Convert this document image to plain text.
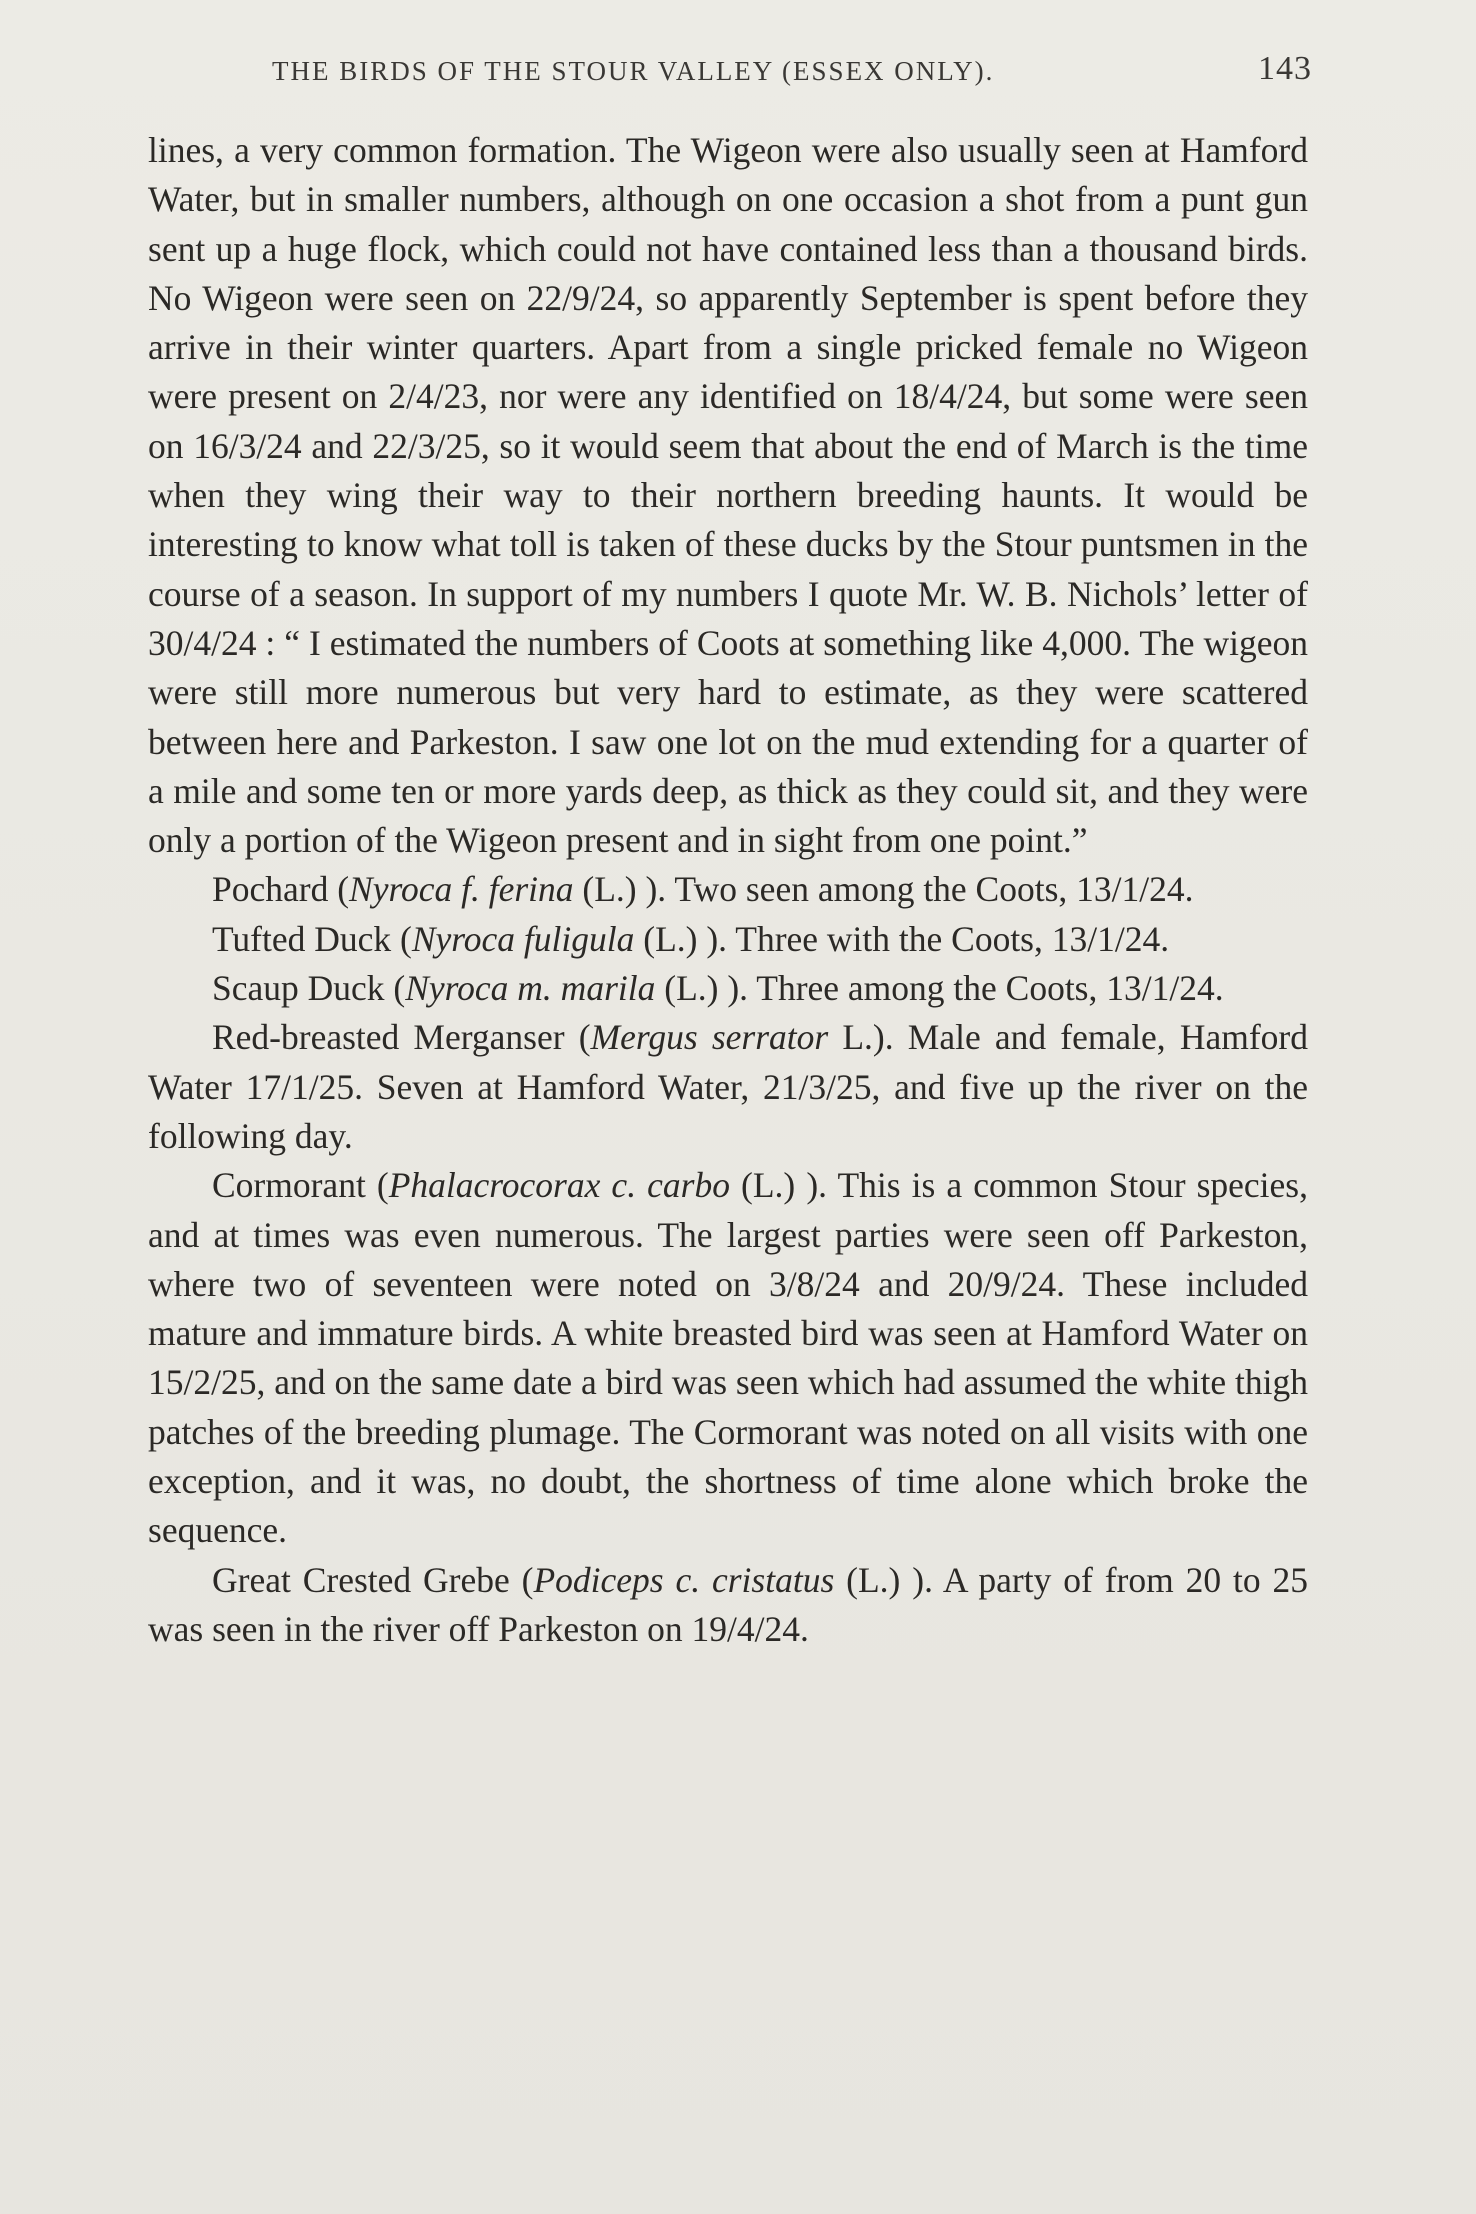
THE BIRDS OF THE STOUR VALLEY (ESSEX ONLY).	143

lines, a very common formation. The Wigeon were also usually seen at Hamford Water, but in smaller numbers, although on one occasion a shot from a punt gun sent up a huge flock, which could not have contained less than a thousand birds. No Wigeon were seen on 22/9/24, so apparently September is spent before they arrive in their winter quarters. Apart from a single pricked female no Wigeon were present on 2/4/23, nor were any identified on 18/4/24, but some were seen on 16/3/24 and 22/3/25, so it would seem that about the end of March is the time when they wing their way to their northern breeding haunts. It would be interesting to know what toll is taken of these ducks by the Stour puntsmen in the course of a season. In support of my numbers I quote Mr. W. B. Nichols’ letter of 30/4/24 : “ I estimated the numbers of Coots at something like 4,000. The wigeon were still more numerous but very hard to estimate, as they were scattered between here and Parkeston. I saw one lot on the mud extending for a quarter of a mile and some ten or more yards deep, as thick as they could sit, and they were only a portion of the Wigeon present and in sight from one point.”

Pochard (Nyroca f. ferina (L.) ). Two seen among the Coots, 13/1/24.

Tufted Duck (Nyroca fuligula (L.) ). Three with the Coots, 13/1/24.

Scaup Duck (Nyroca m. marila (L.) ). Three among the Coots, 13/1/24.

Red-breasted Merganser (Mergus serrator L.). Male and female, Hamford Water 17/1/25. Seven at Hamford Water, 21/3/25, and five up the river on the following day.

Cormorant (Phalacrocorax c. carbo (L.) ). This is a common Stour species, and at times was even numerous. The largest parties were seen off Parkeston, where two of seventeen were noted on 3/8/24 and 20/9/24. These included mature and immature birds. A white breasted bird was seen at Hamford Water on 15/2/25, and on the same date a bird was seen which had assumed the white thigh patches of the breeding plumage. The Cormorant was noted on all visits with one exception, and it was, no doubt, the shortness of time alone which broke the sequence.

Great Crested Grebe (Podiceps c. cristatus (L.) ). A party of from 20 to 25 was seen in the river off Parkeston on 19/4/24.
